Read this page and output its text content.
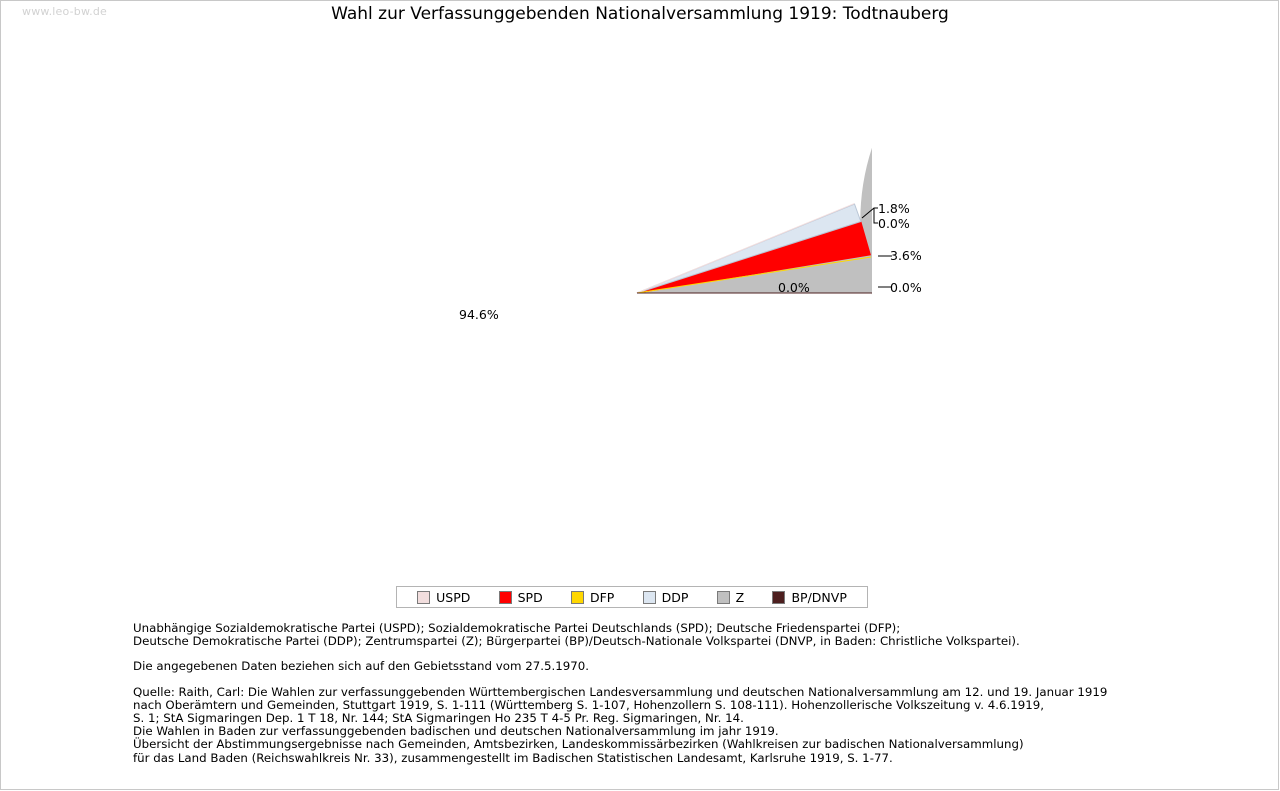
www.leo-bw.de	Wahl zur Verfassunggebenden Nationalversammlung 1919: Todtnauberg
1.8%
0.0%
3.6%
0.0%
0.0%
94.6%
USPD	SPD	DFP	DDP	Z	BP/DNVP
Unabhängige Sozialdemokratische Partei (USPD); Sozialdemokratische Partei Deutschlands (SPD); Deutsche Friedenspartei (DFP);
Deutsche Demokratische Partei (DDP); Zentrumspartei (Z); Bürgerpartei (BP)/Deutsch-Nationale Volkspartei (DNVP, in Baden: Christliche Volkspartei).
Die angegebenen Daten beziehen sich auf den Gebietsstand vom 27.5.1970.
Quelle: Raith, Carl: Die Wahlen zur verfassunggebenden Württembergischen Landesversammlung und deutschen Nationalversammlung am 12. und 19. Januar 1919
nach Oberämtern und Gemeinden, Stuttgart 1919, S. 1-111 (Württemberg S. 1-107, Hohenzollern S. 108-111). Hohenzollerische Volkszeitung v. 4.6.1919,
S. 1; StA Sigmaringen Dep. 1 T 18, Nr. 144; StA Sigmaringen Ho 235 T 4-5 Pr. Reg. Sigmaringen, Nr. 14.
Die Wahlen in Baden zur verfassunggebenden badischen und deutschen Nationalversammlung im jahr 1919.
Übersicht der Abstimmungsergebnisse nach Gemeinden, Amtsbezirken, Landeskommissärbezirken (Wahlkreisen zur badischen Nationalversammlung)
für das Land Baden (Reichswahlkreis Nr. 33), zusammengestellt im Badischen Statistischen Landesamt, Karlsruhe 1919, S. 1-77.
